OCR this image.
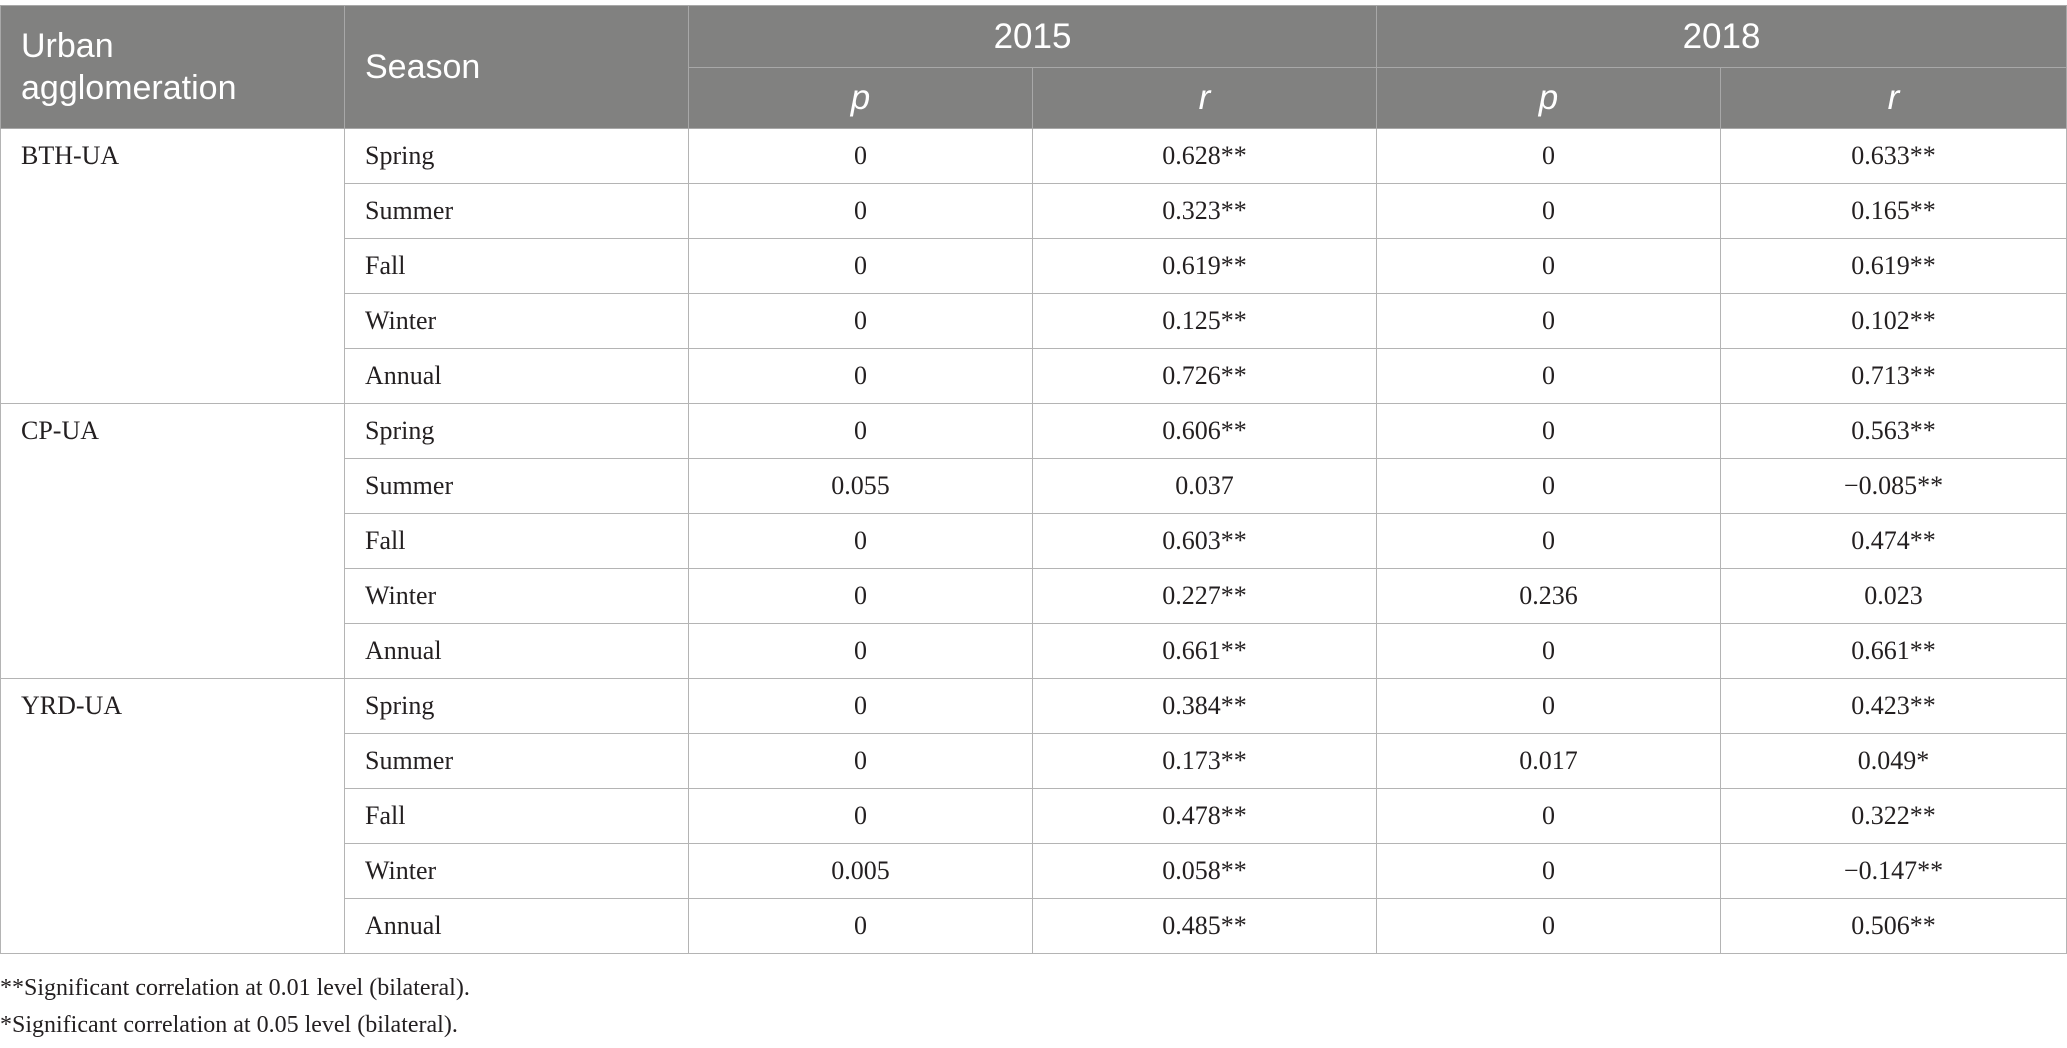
Urban agglomeration	Season	2015		2018	
		p	r	p	r
BTH-UA	Spring	0	0.628**	0	0.633**
	Summer	0	0.323**	0	0.165**
	Fall	0	0.619**	0	0.619**
	Winter	0	0.125**	0	0.102**
	Annual	0	0.726**	0	0.713**
CP-UA	Spring	0	0.606**	0	0.563**
	Summer	0.055	0.037	0	−0.085**
	Fall	0	0.603**	0	0.474**
	Winter	0	0.227**	0.236	0.023
	Annual	0	0.661**	0	0.661**
YRD-UA	Spring	0	0.384**	0	0.423**
	Summer	0	0.173**	0.017	0.049*
	Fall	0	0.478**	0	0.322**
	Winter	0.005	0.058**	0	−0.147**
	Annual	0	0.485**	0	0.506**
**Significant correlation at 0.01 level (bilateral).
*Significant correlation at 0.05 level (bilateral).
